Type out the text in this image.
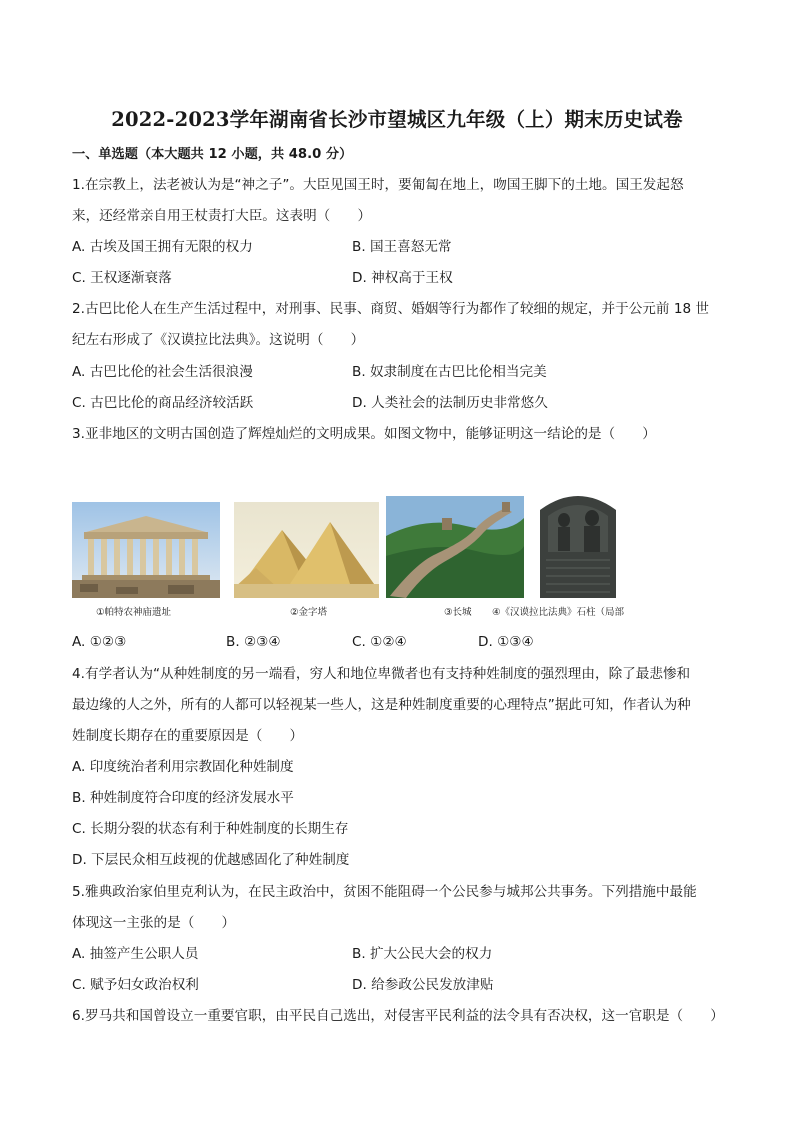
2022-2023学年湖南省长沙市望城区九年级（上）期末历史试卷
一、单选题（本大题共 12 小题，共 48.0 分）
1.在宗教上，法老被认为是“神之子”。大臣见国王时，要匍匐在地上，吻国王脚下的土地。国王发起怒
来，还经常亲自用王杖责打大臣。这表明（　　）
A. 古埃及国王拥有无限的权力	B. 国王喜怒无常
C. 王权逐渐衰落	D. 神权高于王权
2.古巴比伦人在生产生活过程中，对刑事、民事、商贸、婚姻等行为都作了较细的规定，并于公元前 18 世
纪左右形成了《汉谟拉比法典》。这说明（　　）
A. 古巴比伦的社会生活很浪漫	B. 奴隶制度在古巴比伦相当完美
C. 古巴比伦的商品经济较活跃	D. 人类社会的法制历史非常悠久
3.亚非地区的文明古国创造了辉煌灿烂的文明成果。如图文物中，能够证明这一结论的是（　　）
①帕特农神庙遗址	②金字塔	③长城 ④《汉谟拉比法典》石柱（局部
A. ①②③	B. ②③④	C. ①②④	D. ①③④
4.有学者认为“从种姓制度的另一端看，穷人和地位卑微者也有支持种姓制度的强烈理由，除了最悲惨和
最边缘的人之外，所有的人都可以轻视某一些人，这是种姓制度重要的心理特点”据此可知，作者认为种
姓制度长期存在的重要原因是（　　）
A. 印度统治者利用宗教固化种姓制度
B. 种姓制度符合印度的经济发展水平
C. 长期分裂的状态有利于种姓制度的长期生存
D. 下层民众相互歧视的优越感固化了种姓制度
5.雅典政治家伯里克利认为，在民主政治中，贫困不能阻碍一个公民参与城邦公共事务。下列措施中最能
体现这一主张的是（　　）
A. 抽签产生公职人员	B. 扩大公民大会的权力
C. 赋予妇女政治权利	D. 给参政公民发放津贴
6.罗马共和国曾设立一重要官职，由平民自己选出，对侵害平民利益的法令具有否决权，这一官职是（　　）
